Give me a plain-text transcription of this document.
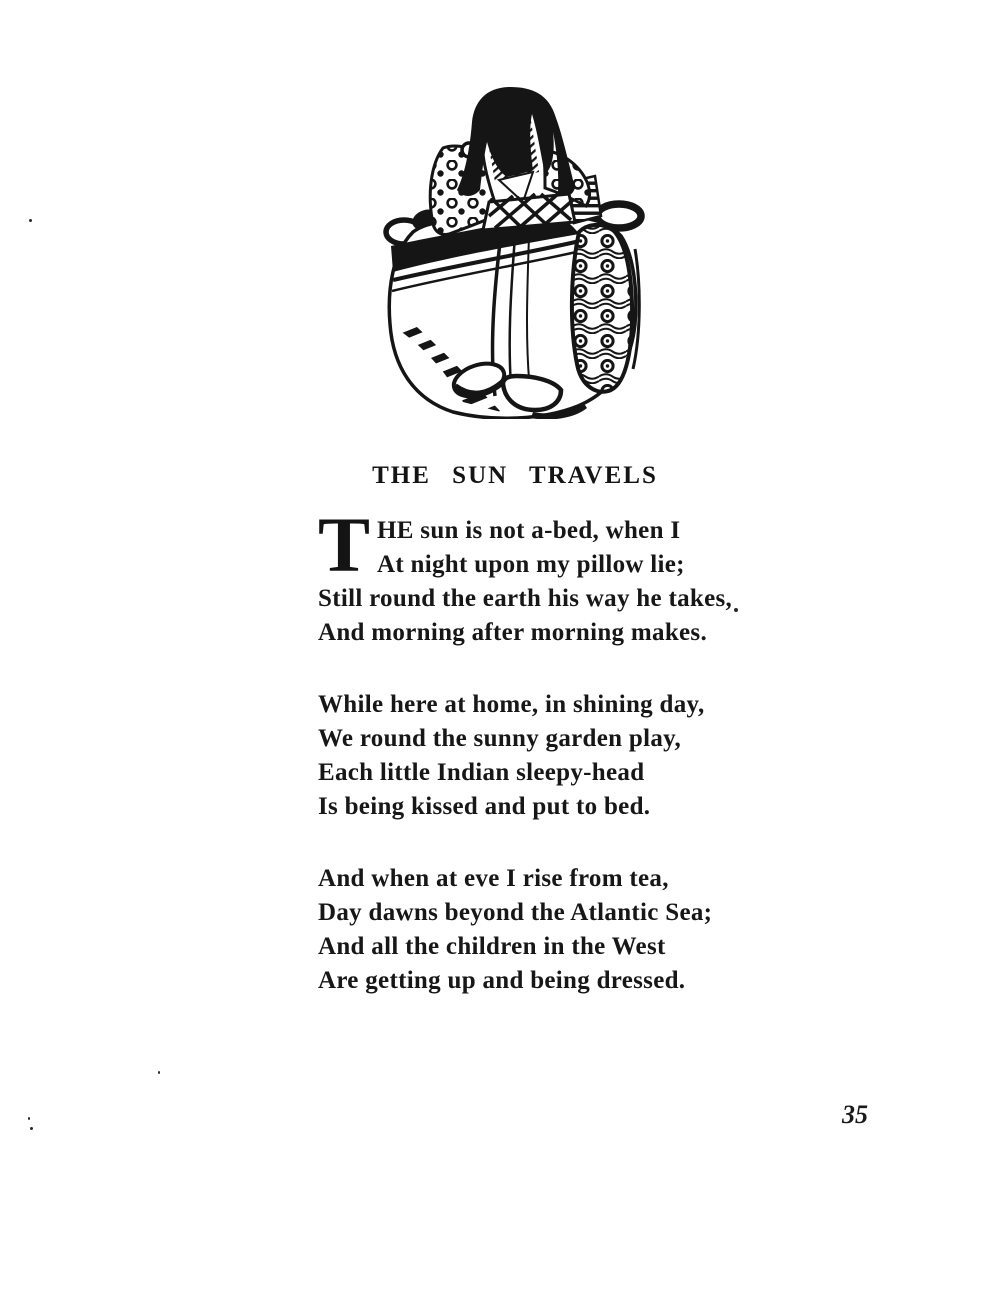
THE SUN TRAVELS
T HE sun is not a-bed, when I
At night upon my pillow lie;
Still round the earth his way he takes,
And morning after morning makes.
While here at home, in shining day,
We round the sunny garden play,
Each little Indian sleepy-head
Is being kissed and put to bed.
And when at eve I rise from tea,
Day dawns beyond the Atlantic Sea;
And all the children in the West
Are getting up and being dressed.
35
